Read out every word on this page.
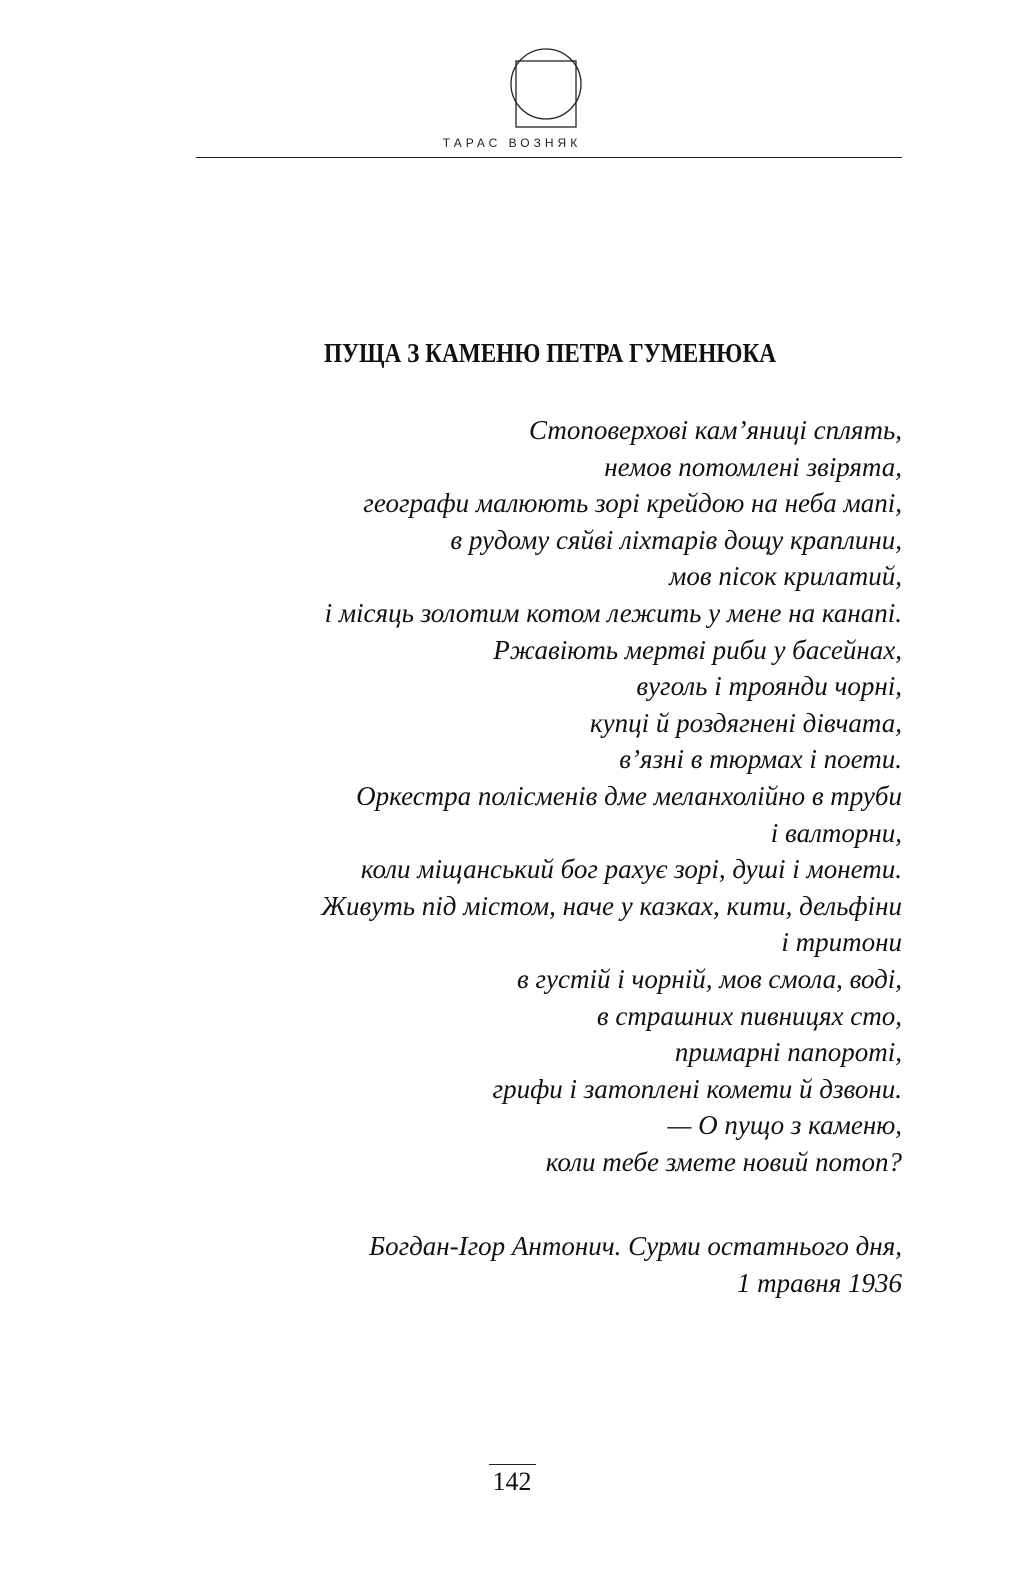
ТАРАС ВОЗНЯК
ПУЩА З КАМЕНЮ ПЕТРА ГУМЕНЮКА
Стоповерхові кам’яниці сплять,
немов потомлені звірята,
географи малюють зорі крейдою на неба мапі,
в рудому сяйві ліхтарів дощу краплини,
мов пісок крилатий,
і місяць золотим котом лежить у мене на канапі.
Ржавіють мертві риби у басейнах,
вуголь і троянди чорні,
купці й роздягнені дівчата,
в’язні в тюрмах і поети.
Оркестра полісменів дме меланхолійно в труби
і валторни,
коли міщанський бог рахує зорі, душі і монети.
Живуть під містом, наче у казках, кити, дельфіни
і тритони
в густій і чорній, мов смола, воді,
в страшних пивницях сто,
примарні папороті,
грифи і затоплені комети й дзвони.
— О пущо з каменю,
коли тебе змете новий потоп?
Богдан-Ігор Антонич. Сурми остатнього дня,
1 травня 1936
142
